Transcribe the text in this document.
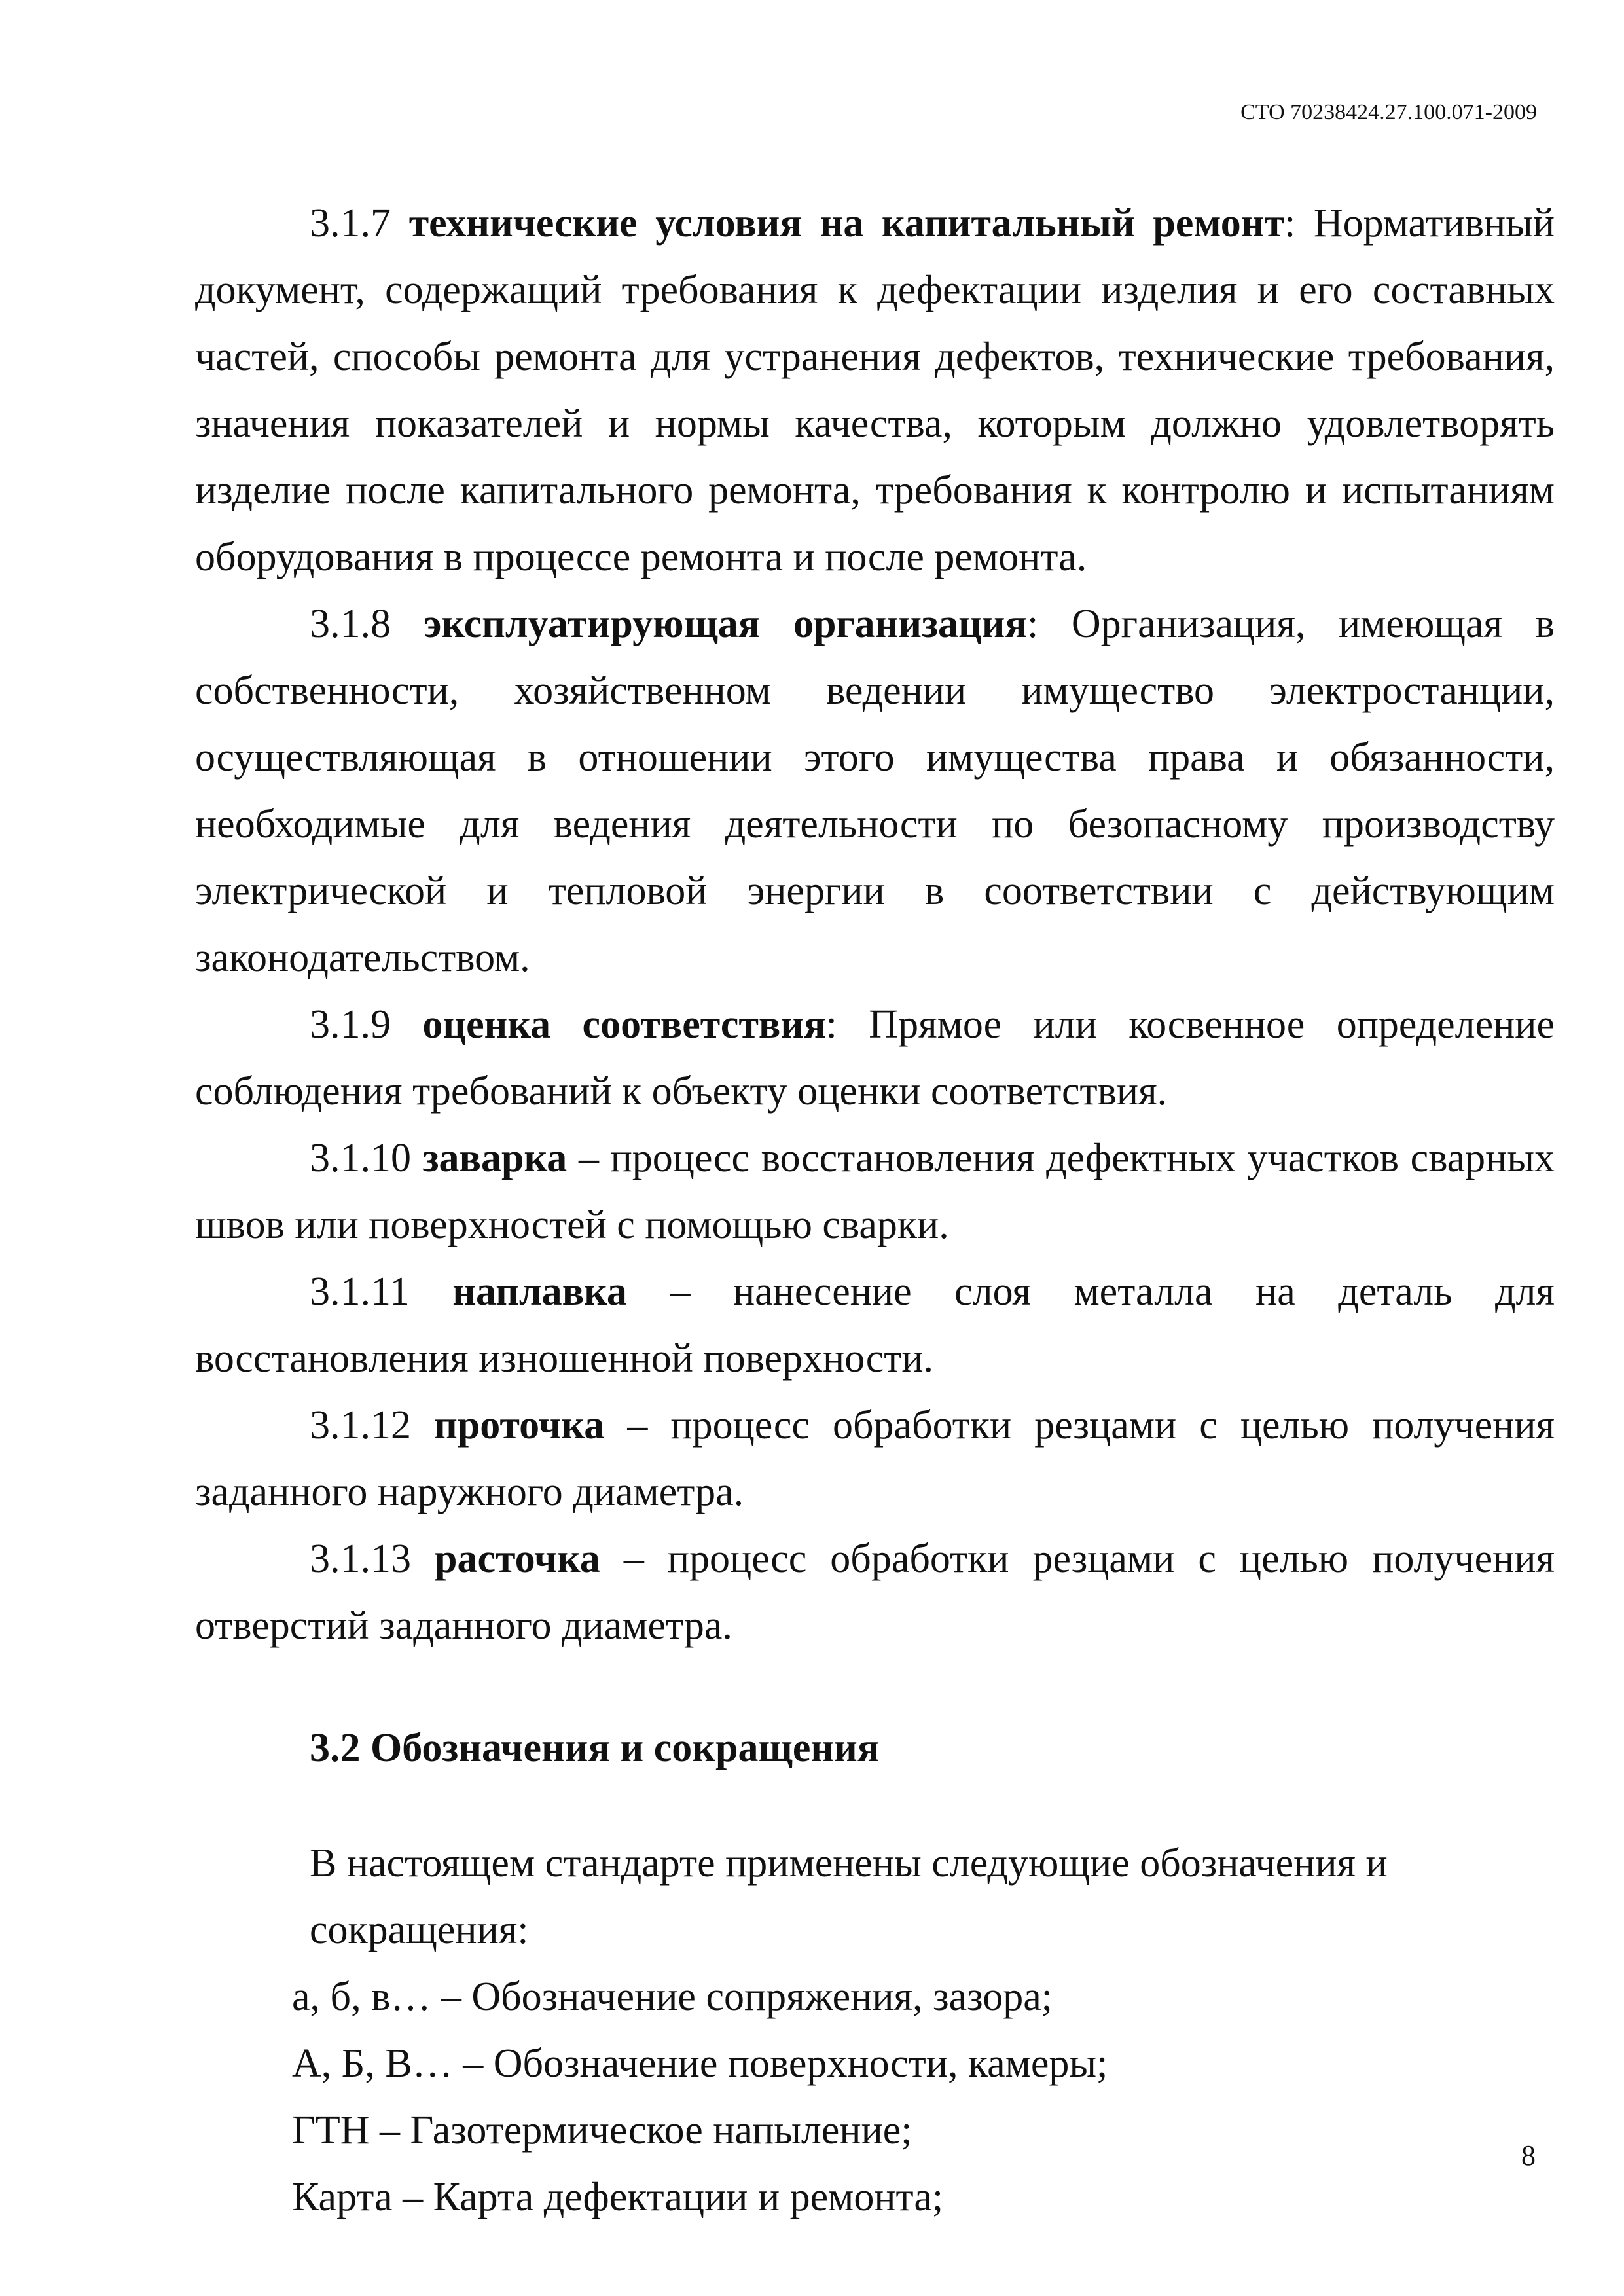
СТО 70238424.27.100.071-2009

3.1.7 технические условия на капитальный ремонт: Нормативный документ, содержащий требования к дефектации изделия и его составных частей, способы ремонта для устранения дефектов, технические требования, значения показателей и нормы качества, которым должно удовлетворять изделие после капитального ремонта, требования к контролю и испытаниям оборудования в процессе ремонта и после ремонта.

3.1.8 эксплуатирующая организация: Организация, имеющая в собственности, хозяйственном ведении имущество электростанции, осуществляющая в отношении этого имущества права и обязанности, необходимые для ведения деятельности по безопасному производству электрической и тепловой энергии в соответствии с действующим законодательством.

3.1.9 оценка соответствия: Прямое или косвенное определение соблюдения требований к объекту оценки соответствия.

3.1.10 заварка – процесс восстановления дефектных участков сварных швов или поверхностей с помощью сварки.

3.1.11 наплавка – нанесение слоя металла на деталь для восстановления изношенной поверхности.

3.1.12 проточка – процесс обработки резцами с целью получения заданного наружного диаметра.

3.1.13 расточка – процесс обработки резцами с целью получения отверстий заданного диаметра.

3.2 Обозначения и сокращения

В настоящем стандарте применены следующие обозначения и сокращения:

а, б, в… – Обозначение сопряжения, зазора;
А, Б, В… – Обозначение поверхности, камеры;
ГТН – Газотермическое напыление;
Карта – Карта дефектации и ремонта;
8
